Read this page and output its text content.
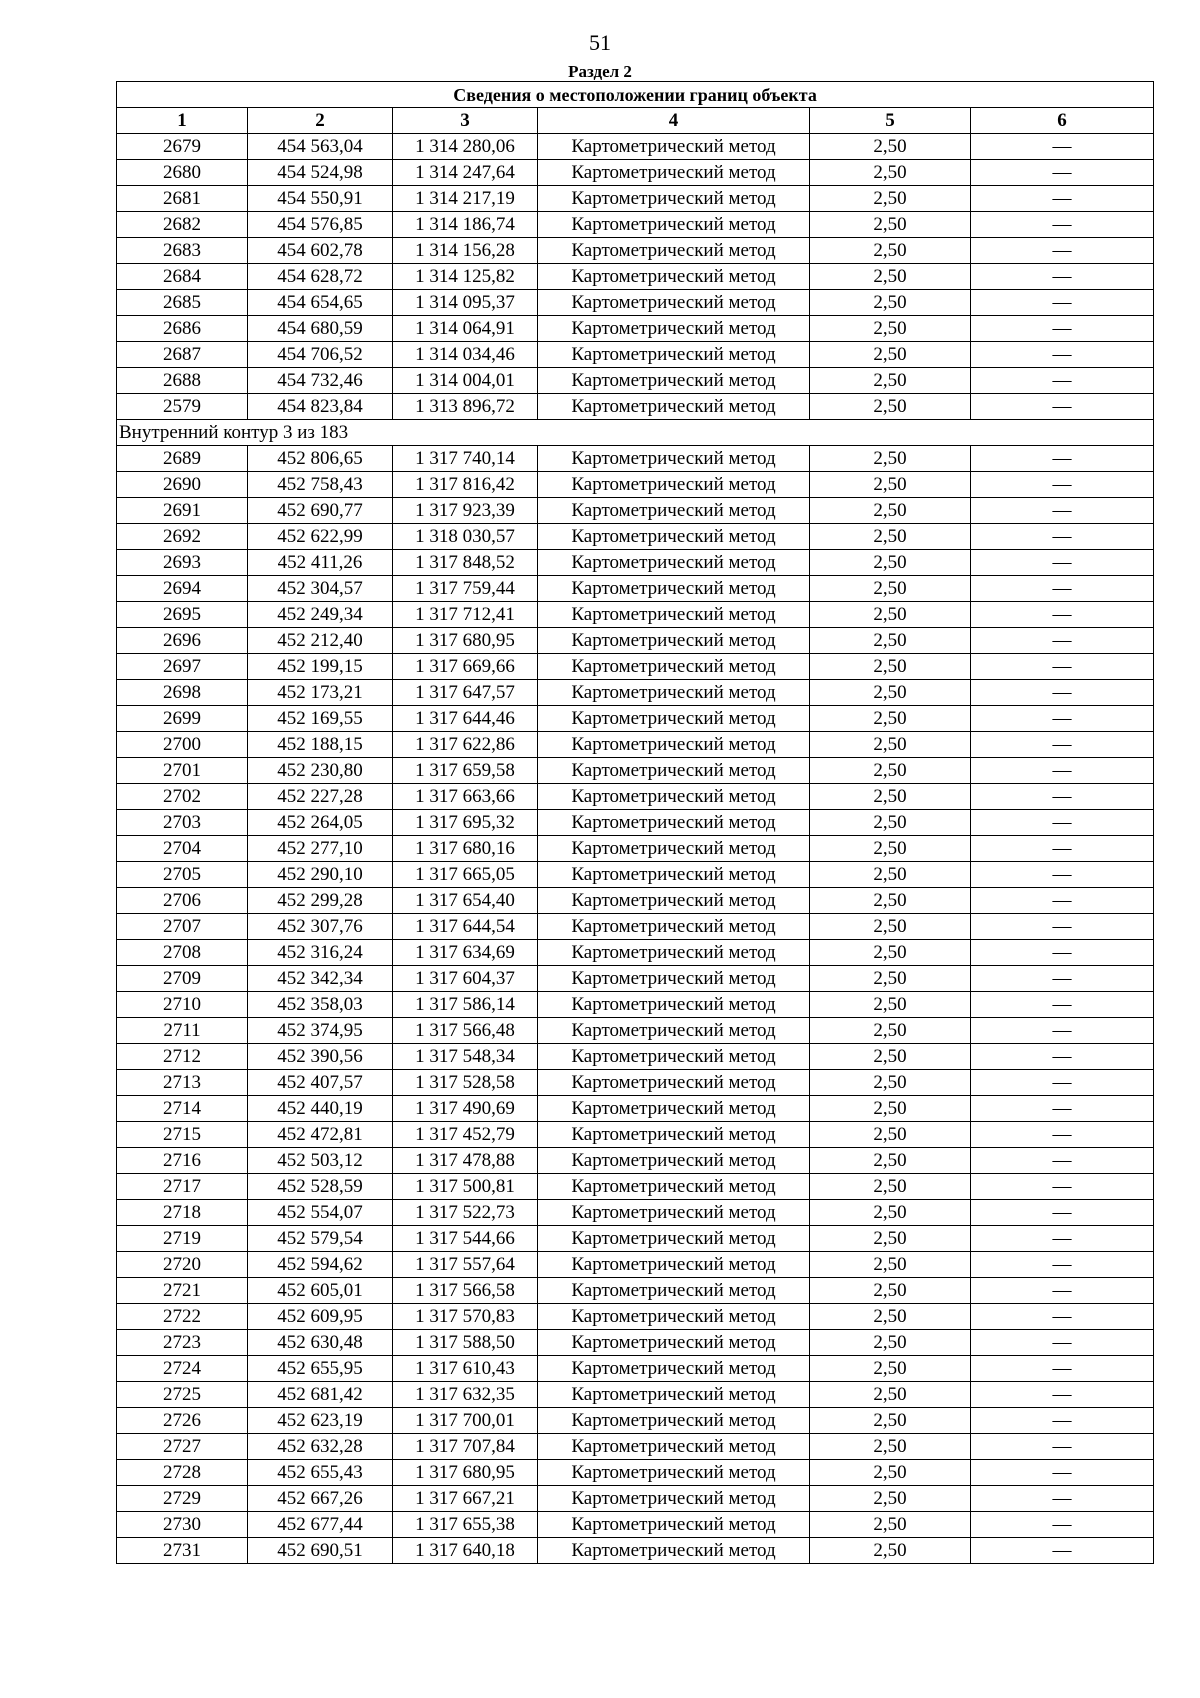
51
Раздел 2
Сведения о местоположении границ объекта					
1	2	3	4	5	6
2679	454 563,04	1 314 280,06	Картометрический метод	2,50	—
2680	454 524,98	1 314 247,64	Картометрический метод	2,50	—
2681	454 550,91	1 314 217,19	Картометрический метод	2,50	—
2682	454 576,85	1 314 186,74	Картометрический метод	2,50	—
2683	454 602,78	1 314 156,28	Картометрический метод	2,50	—
2684	454 628,72	1 314 125,82	Картометрический метод	2,50	—
2685	454 654,65	1 314 095,37	Картометрический метод	2,50	—
2686	454 680,59	1 314 064,91	Картометрический метод	2,50	—
2687	454 706,52	1 314 034,46	Картометрический метод	2,50	—
2688	454 732,46	1 314 004,01	Картометрический метод	2,50	—
2579	454 823,84	1 313 896,72	Картометрический метод	2,50	—
Внутренний контур 3 из 183					
2689	452 806,65	1 317 740,14	Картометрический метод	2,50	—
2690	452 758,43	1 317 816,42	Картометрический метод	2,50	—
2691	452 690,77	1 317 923,39	Картометрический метод	2,50	—
2692	452 622,99	1 318 030,57	Картометрический метод	2,50	—
2693	452 411,26	1 317 848,52	Картометрический метод	2,50	—
2694	452 304,57	1 317 759,44	Картометрический метод	2,50	—
2695	452 249,34	1 317 712,41	Картометрический метод	2,50	—
2696	452 212,40	1 317 680,95	Картометрический метод	2,50	—
2697	452 199,15	1 317 669,66	Картометрический метод	2,50	—
2698	452 173,21	1 317 647,57	Картометрический метод	2,50	—
2699	452 169,55	1 317 644,46	Картометрический метод	2,50	—
2700	452 188,15	1 317 622,86	Картометрический метод	2,50	—
2701	452 230,80	1 317 659,58	Картометрический метод	2,50	—
2702	452 227,28	1 317 663,66	Картометрический метод	2,50	—
2703	452 264,05	1 317 695,32	Картометрический метод	2,50	—
2704	452 277,10	1 317 680,16	Картометрический метод	2,50	—
2705	452 290,10	1 317 665,05	Картометрический метод	2,50	—
2706	452 299,28	1 317 654,40	Картометрический метод	2,50	—
2707	452 307,76	1 317 644,54	Картометрический метод	2,50	—
2708	452 316,24	1 317 634,69	Картометрический метод	2,50	—
2709	452 342,34	1 317 604,37	Картометрический метод	2,50	—
2710	452 358,03	1 317 586,14	Картометрический метод	2,50	—
2711	452 374,95	1 317 566,48	Картометрический метод	2,50	—
2712	452 390,56	1 317 548,34	Картометрический метод	2,50	—
2713	452 407,57	1 317 528,58	Картометрический метод	2,50	—
2714	452 440,19	1 317 490,69	Картометрический метод	2,50	—
2715	452 472,81	1 317 452,79	Картометрический метод	2,50	—
2716	452 503,12	1 317 478,88	Картометрический метод	2,50	—
2717	452 528,59	1 317 500,81	Картометрический метод	2,50	—
2718	452 554,07	1 317 522,73	Картометрический метод	2,50	—
2719	452 579,54	1 317 544,66	Картометрический метод	2,50	—
2720	452 594,62	1 317 557,64	Картометрический метод	2,50	—
2721	452 605,01	1 317 566,58	Картометрический метод	2,50	—
2722	452 609,95	1 317 570,83	Картометрический метод	2,50	—
2723	452 630,48	1 317 588,50	Картометрический метод	2,50	—
2724	452 655,95	1 317 610,43	Картометрический метод	2,50	—
2725	452 681,42	1 317 632,35	Картометрический метод	2,50	—
2726	452 623,19	1 317 700,01	Картометрический метод	2,50	—
2727	452 632,28	1 317 707,84	Картометрический метод	2,50	—
2728	452 655,43	1 317 680,95	Картометрический метод	2,50	—
2729	452 667,26	1 317 667,21	Картометрический метод	2,50	—
2730	452 677,44	1 317 655,38	Картометрический метод	2,50	—
2731	452 690,51	1 317 640,18	Картометрический метод	2,50	—
